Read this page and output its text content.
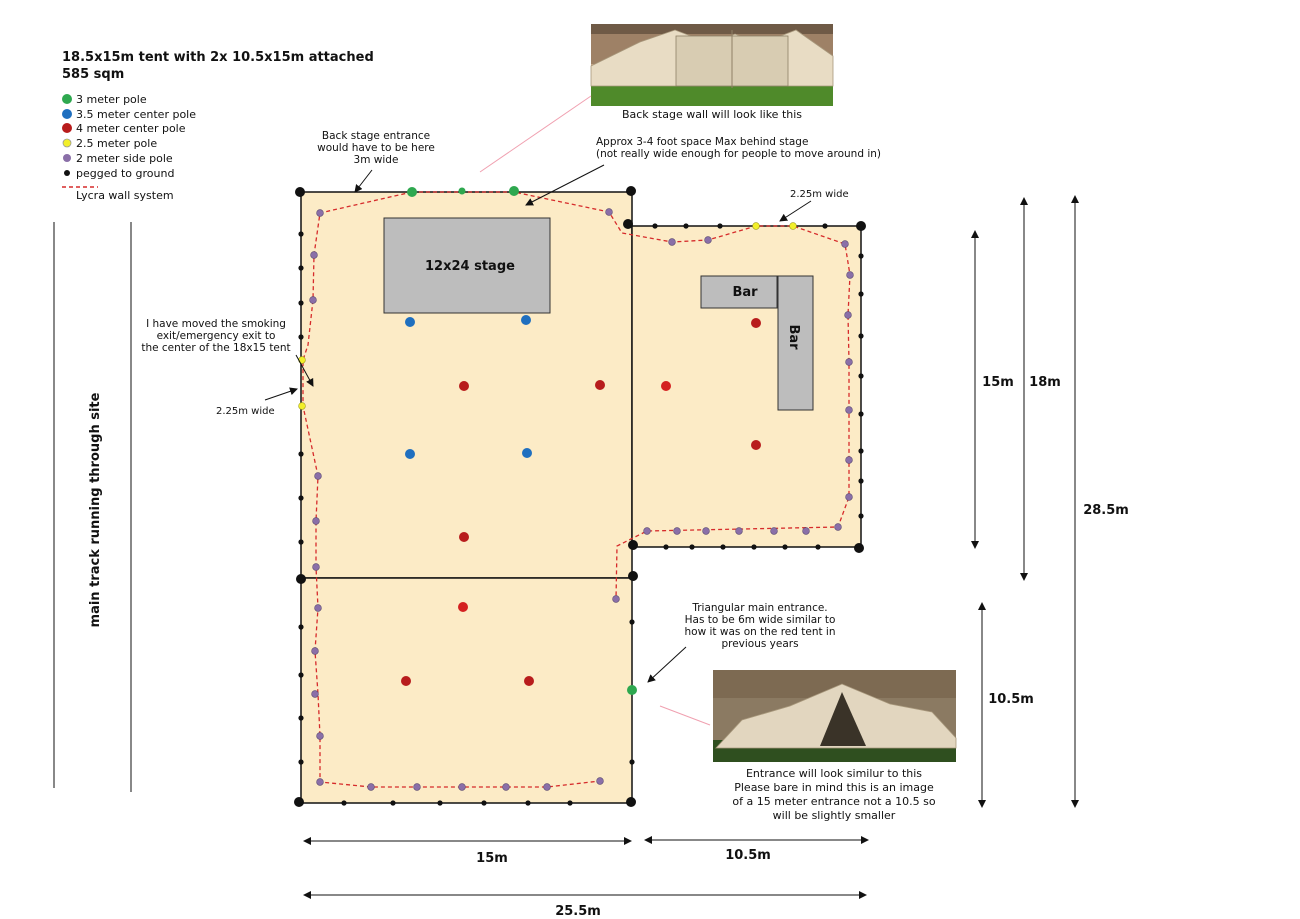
18.5x15m tent with 2x 10.5x15m attached
585 sqm
3 meter pole
3.5 meter center pole
4 meter center pole
2.5 meter pole
2 meter side pole
pegged to ground
Lycra wall system
main track running through site
12x24 stage
Bar
Bar
Back stage entrance
would have to be here
3m wide
Approx 3-4 foot space Max behind stage
(not really wide enough for people to move around in)
2.25m wide
I have moved the smoking
exit/emergency exit to
the center of the 18x15 tent
2.25m wide
Triangular main entrance.
Has to be 6m wide similar to
how it was on the red tent in
previous years
Back stage wall will look like this
Entrance will look similur to this
Please bare in mind this is an image
of a 15 meter entrance not a 10.5 so
will be slightly smaller
15m 18m
28.5m
10.5m
15m	10.5m
25.5m
